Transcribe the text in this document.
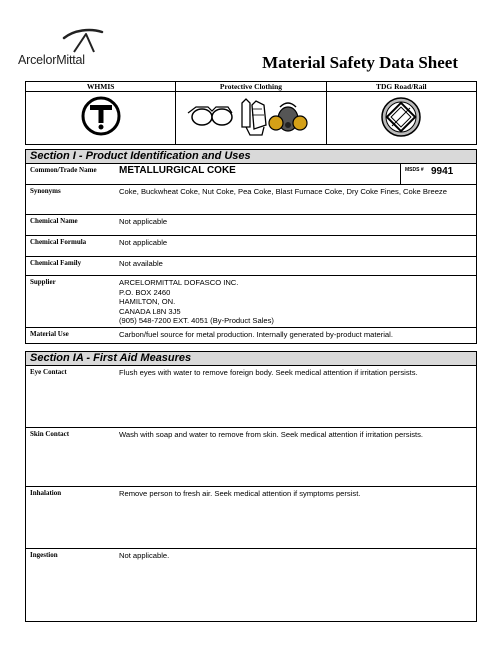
ArcelorMittal	Material Safety Data Sheet
WHMIS	Protective Clothing	TDG Road/Rail

Section I - Product Identification and Uses
Common/Trade Name METALLURGICAL COKE	MSDS # 9941
Synonyms	Coke, Buckwheat Coke, Nut Coke, Pea Coke, Blast Furnace Coke, Dry Coke Fines, Coke Breeze
Chemical Name	Not applicable
Chemical Formula	Not applicable
Chemical Family	Not available
Supplier	ARCELORMITTAL DOFASCO INC.
P.O. BOX 2460
HAMILTON, ON.
CANADA L8N 3J5
(905) 548-7200 EXT. 4051 (By-Product Sales)
Material Use	Carbon/fuel source for metal production. Internally generated by-product material.
Section IA - First Aid Measures
Eye Contact	Flush eyes with water to remove foreign body. Seek medical attention if irritation persists.
Skin Contact	Wash with soap and water to remove from skin. Seek medical attention if irritation persists.
Inhalation	Remove person to fresh air. Seek medical attention if symptoms persist.
Ingestion	Not applicable.
